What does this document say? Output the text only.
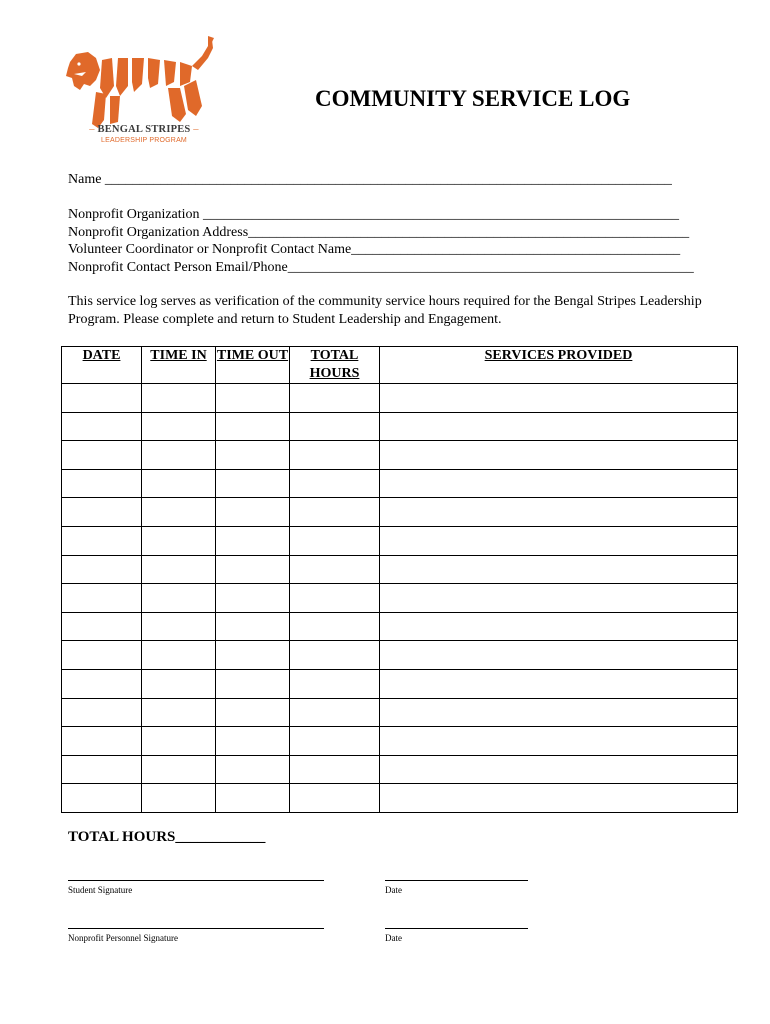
– BENGAL STRIPES –
LEADERSHIP PROGRAM
COMMUNITY SERVICE LOG
Name _________________________________________________________________________________
Nonprofit Organization ____________________________________________________________________
Nonprofit Organization Address_______________________________________________________________
Volunteer Coordinator or Nonprofit Contact Name_______________________________________________
Nonprofit Contact Person Email/Phone__________________________________________________________
This service log serves as verification of the community service hours required for the Bengal Stripes Leadership Program. Please complete and return to Student Leadership and Engagement.
DATE	TIME IN	TIME OUT	TOTAL HOURS	SERVICES PROVIDED

TOTAL HOURS____________
Student Signature	Date
Nonprofit Personnel Signature	Date
